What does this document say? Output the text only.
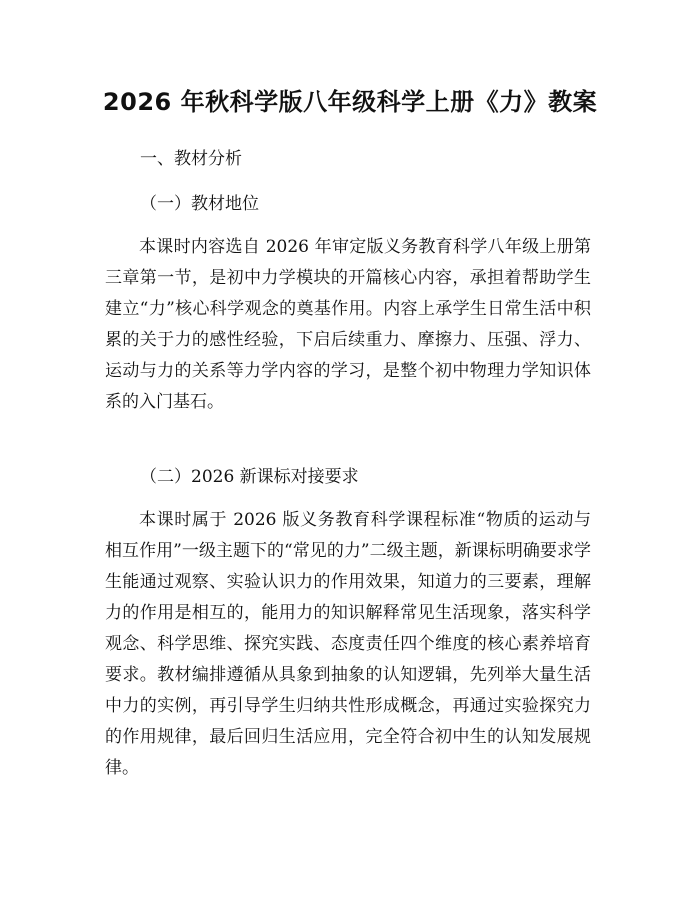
2026 年秋科学版八年级科学上册《力》教案
一、教材分析
（一）教材地位

本课时内容选自 2026 年审定版义务教育科学八年级上册第三章第一节，是初中力学模块的开篇核心内容，承担着帮助学生建立“力”核心科学观念的奠基作用。内容上承学生日常生活中积累的关于力的感性经验，下启后续重力、摩擦力、压强、浮力、运动与力的关系等力学内容的学习，是整个初中物理力学知识体系的入门基石。

（二）2026 新课标对接要求

本课时属于 2026 版义务教育科学课程标准“物质的运动与相互作用”一级主题下的“常见的力”二级主题，新课标明确要求学生能通过观察、实验认识力的作用效果，知道力的三要素，理解力的作用是相互的，能用力的知识解释常见生活现象，落实科学观念、科学思维、探究实践、态度责任四个维度的核心素养培育要求。教材编排遵循从具象到抽象的认知逻辑，先列举大量生活中力的实例，再引导学生归纳共性形成概念，再通过实验探究力的作用规律，最后回归生活应用，完全符合初中生的认知发展规律。
